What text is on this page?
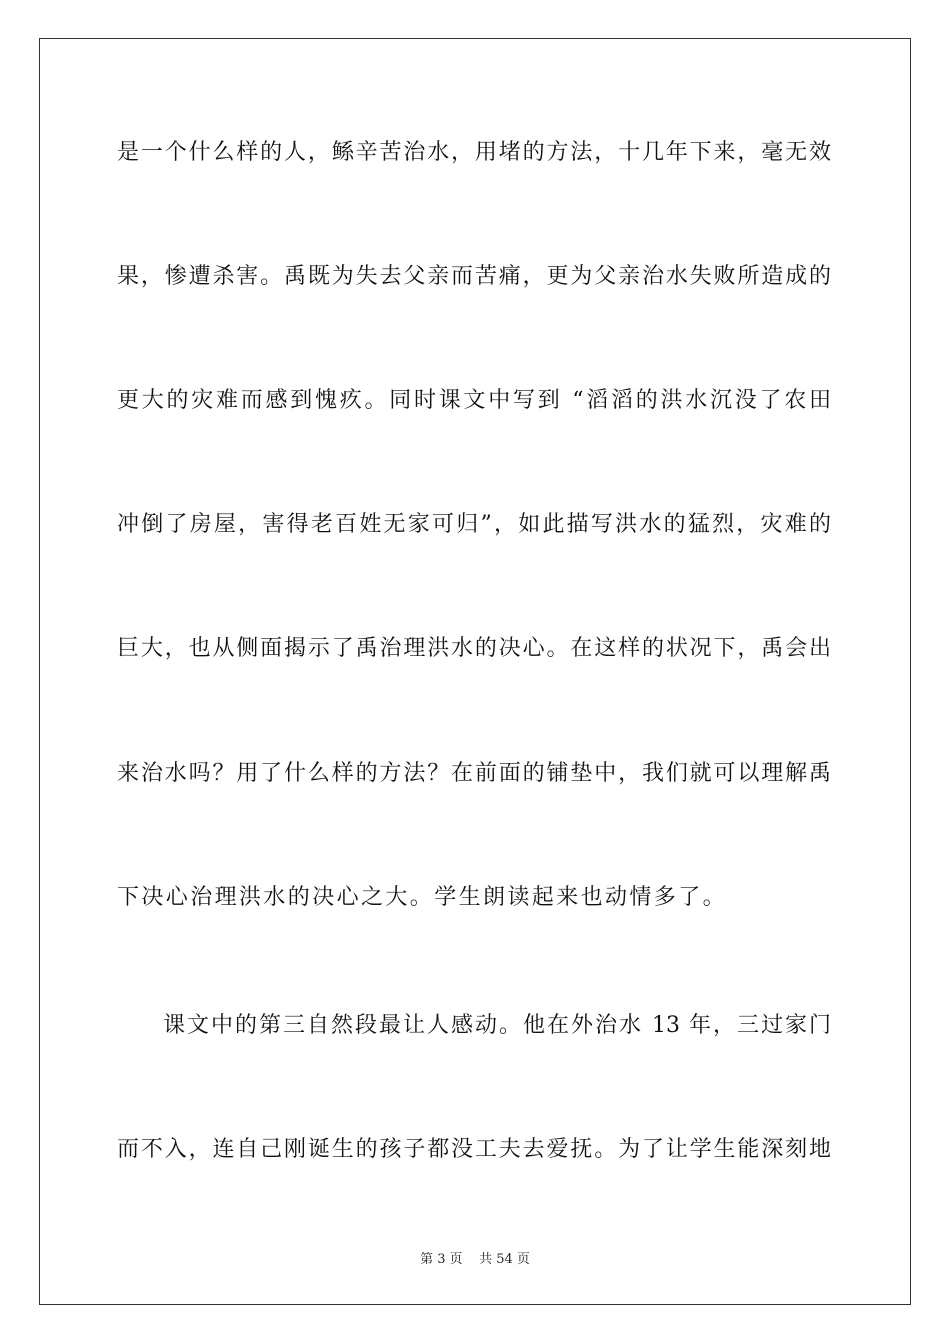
是一个什么样的人，鲧辛苦治水，用堵的方法，十几年下来，毫无效
果，惨遭杀害。禹既为失去父亲而苦痛，更为父亲治水失败所造成的
更大的灾难而感到愧疚。同时课文中写到 “滔滔的洪水沉没了农田
冲倒了房屋，害得老百姓无家可归”，如此描写洪水的猛烈，灾难的
巨大，也从侧面揭示了禹治理洪水的决心。在这样的状况下，禹会出
来治水吗？用了什么样的方法？在前面的铺垫中，我们就可以理解禹
下决心治理洪水的决心之大。学生朗读起来也动情多了。
课文中的第三自然段最让人感动。他在外治水 13 年，三过家门
而不入，连自己刚诞生的孩子都没工夫去爱抚。为了让学生能深刻地
第 3 页    共 54 页
